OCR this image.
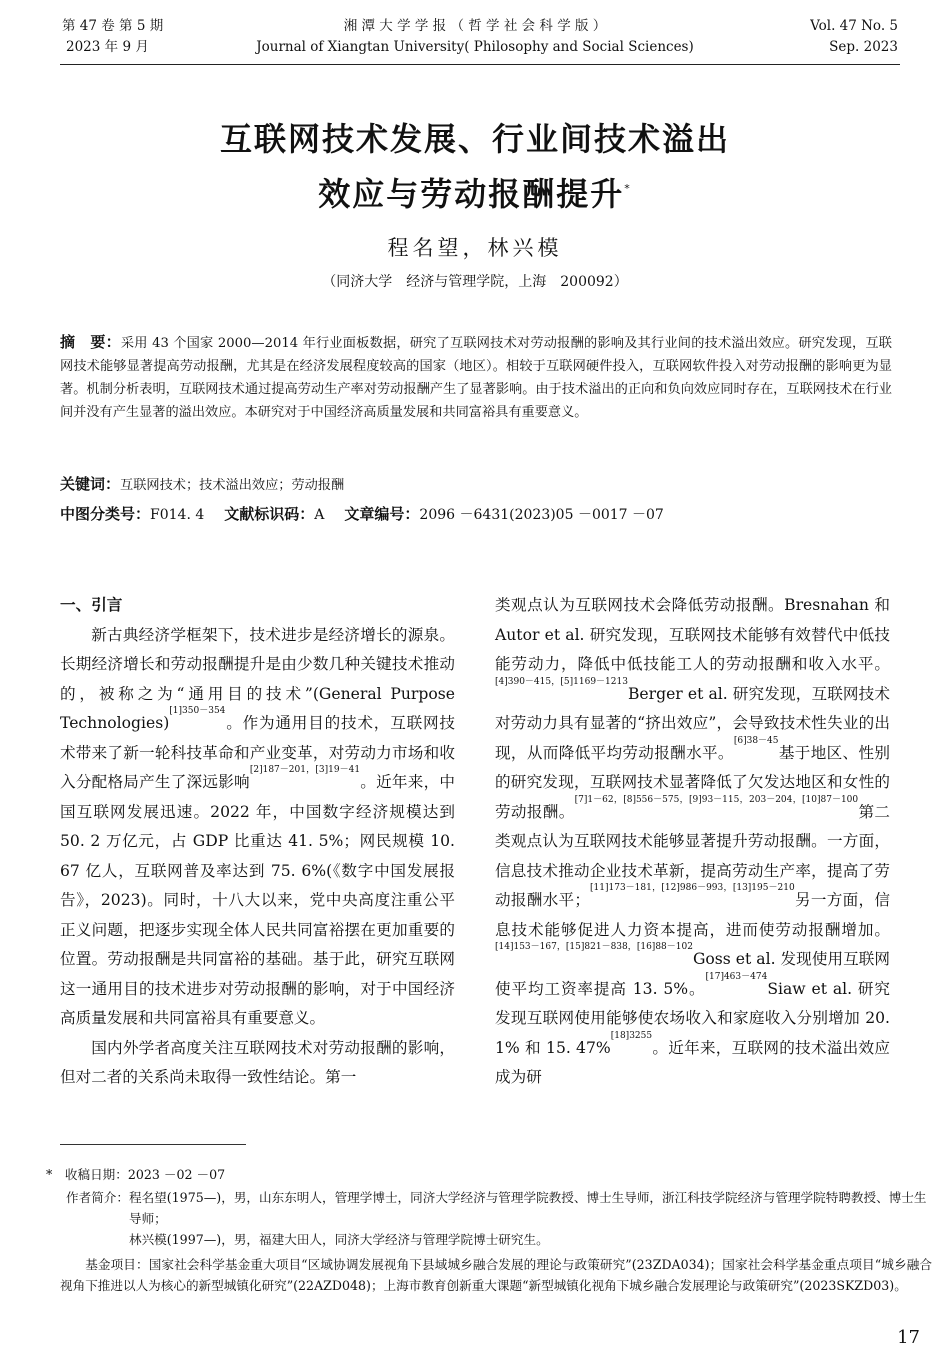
第 47 卷 第 5 期
2023 年 9 月
湘 潭 大 学 学 报 （ 哲 学 社 会 科 学 版 ）
Journal of Xiangtan University( Philosophy and Social Sciences)
Vol. 47 No. 5
Sep. 2023
互联网技术发展、行业间技术溢出
效应与劳动报酬提升*
程名望，林兴模
（同济大学　经济与管理学院，上海　200092）
摘　要：采用 43 个国家 2000—2014 年行业面板数据，研究了互联网技术对劳动报酬的影响及其行业间的技术溢出效应。研究发现，互联网技术能够显著提高劳动报酬，尤其是在经济发展程度较高的国家（地区）。相较于互联网硬件投入，互联网软件投入对劳动报酬的影响更为显著。机制分析表明，互联网技术通过提高劳动生产率对劳动报酬产生了显著影响。由于技术溢出的正向和负向效应同时存在，互联网技术在行业间并没有产生显著的溢出效应。本研究对于中国经济高质量发展和共同富裕具有重要意义。
关键词：互联网技术；技术溢出效应；劳动报酬
中图分类号：F014. 4 文献标识码：A 文章编号：2096 －6431(2023)05 －0017 －07

一、引言

新古典经济学框架下，技术进步是经济增长的源泉。长期经济增长和劳动报酬提升是由少数几种关键技术推动的，被称之为“通用目的技术”(General Purpose Technologies)$^{[1]350-354}$。作为通用目的技术，互联网技术带来了新一轮科技革命和产业变革，对劳动力市场和收入分配格局产生了深远影响$^{[2]187-201,[3]19-41}$。近年来，中国互联网发展迅速。2022 年，中国数字经济规模达到 50. 2 万亿元，占 GDP 比重达 41. 5%；网民规模 10. 67 亿人，互联网普及率达到 75. 6%(《数字中国发展报告》，2023)。同时，十八大以来，党中央高度注重公平正义问题，把逐步实现全体人民共同富裕摆在更加重要的位置。劳动报酬是共同富裕的基础。基于此，研究互联网这一通用目的技术进步对劳动报酬的影响，对于中国经济高质量发展和共同富裕具有重要意义。

国内外学者高度关注互联网技术对劳动报酬的影响，但对二者的关系尚未取得一致性结论。第一

类观点认为互联网技术会降低劳动报酬。Bresnahan 和 Autor et al. 研究发现，互联网技术能够有效替代中低技能劳动力，降低中低技能工人的劳动报酬和收入水平。$^{[4]390-415,[5]1169-1213}$Berger et al. 研究发现，互联网技术对劳动力具有显著的“挤出效应”，会导致技术性失业的出现，从而降低平均劳动报酬水平。$^{[6]38-45}$基于地区、性别的研究发现，互联网技术显著降低了欠发达地区和女性的劳动报酬。$^{[7]1-62,[8]556-575,[9]93-115,203-204,[10]87-100}$第二类观点认为互联网技术能够显著提升劳动报酬。一方面，信息技术推动企业技术革新，提高劳动生产率，提高了劳动报酬水平；$^{[11]173-181,[12]986-993,[13]195-210}$另一方面，信息技术能够促进人力资本提高，进而使劳动报酬增加。$^{[14]153-167,[15]821-838,[16]88-102}$Goss et al. 发现使用互联网使平均工资率提高 13. 5%。$^{[17]463-474}$Siaw et al. 研究发现互联网使用能够使农场收入和家庭收入分别增加 20. 1% 和 15. 47%$^{[18]3255}$。近年来，互联网的技术溢出效应成为研

*　收稿日期：2023 －02 －07
作者简介： 程名望(1975—)，男，山东东明人，管理学博士，同济大学经济与管理学院教授、博士生导师，浙江科技学院经济与管理学院特聘教授、博士生导师；
林兴模(1997—)，男，福建大田人，同济大学经济与管理学院博士研究生。
基金项目：国家社会科学基金重大项目“区域协调发展视角下县域城乡融合发展的理论与政策研究”(23ZDA034)；国家社会科学基金重点项目“城乡融合视角下推进以人为核心的新型城镇化研究”(22AZD048)；上海市教育创新重大课题“新型城镇化视角下城乡融合发展理论与政策研究”(2023SKZD03)。
17
